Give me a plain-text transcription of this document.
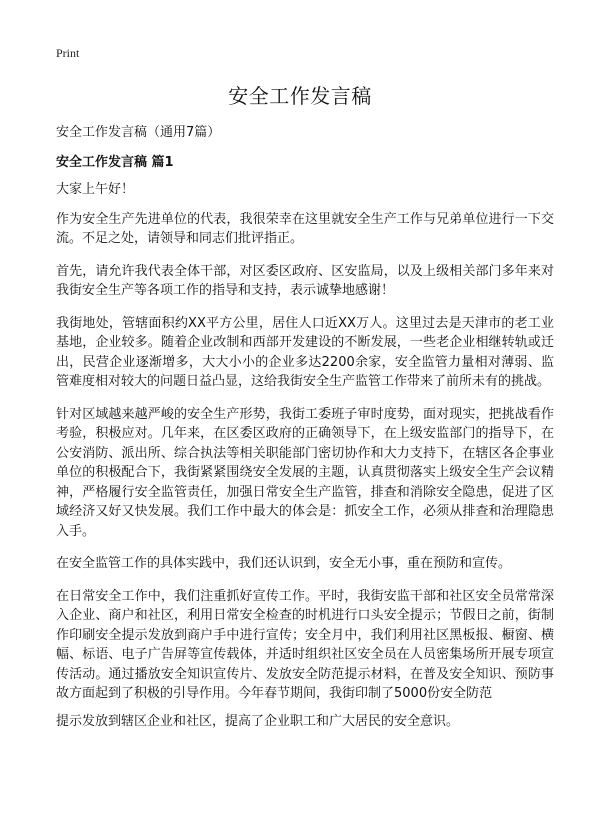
Print
安全工作发言稿
安全工作发言稿（通用7篇）
安全工作发言稿 篇1

大家上午好！

作为安全生产先进单位的代表，我很荣幸在这里就安全生产工作与兄弟单位进行一下交流。不足之处，请领导和同志们批评指正。

首先，请允许我代表全体干部，对区委区政府、区安监局，以及上级相关部门多年来对我街安全生产等各项工作的指导和支持，表示诚挚地感谢！

我街地处，管辖面积约XX平方公里，居住人口近XX万人。这里过去是天津市的老工业基地，企业较多。随着企业改制和西部开发建设的不断发展，一些老企业相继转轨或迁出，民营企业逐渐增多，大大小小的企业多达2200余家，安全监管力量相对薄弱、监管难度相对较大的问题日益凸显，这给我街安全生产监管工作带来了前所未有的挑战。

针对区域越来越严峻的安全生产形势，我街工委班子审时度势，面对现实，把挑战看作考验，积极应对。几年来，在区委区政府的正确领导下，在上级安监部门的指导下，在公安消防、派出所、综合执法等相关职能部门密切协作和大力支持下，在辖区各企事业单位的积极配合下，我街紧紧围绕安全发展的主题，认真贯彻落实上级安全生产会议精神，严格履行安全监管责任，加强日常安全生产监管，排查和消除安全隐患，促进了区域经济又好又快发展。我们工作中最大的体会是：抓安全工作，必须从排查和治理隐患入手。

在安全监管工作的具体实践中，我们还认识到，安全无小事，重在预防和宣传。

在日常安全工作中，我们注重抓好宣传工作。平时，我街安监干部和社区安全员常常深入企业、商户和社区，利用日常安全检查的时机进行口头安全提示；节假日之前，街制作印刷安全提示发放到商户手中进行宣传；安全月中，我们利用社区黑板报、橱窗、横幅、标语、电子广告屏等宣传载体，并适时组织社区安全员在人员密集场所开展专项宣传活动。通过播放安全知识宣传片、发放安全防范提示材料，在普及安全知识、预防事故方面起到了积极的引导作用。今年春节期间，我街印制了5000份安全防范

提示发放到辖区企业和社区，提高了企业职工和广大居民的安全意识。
